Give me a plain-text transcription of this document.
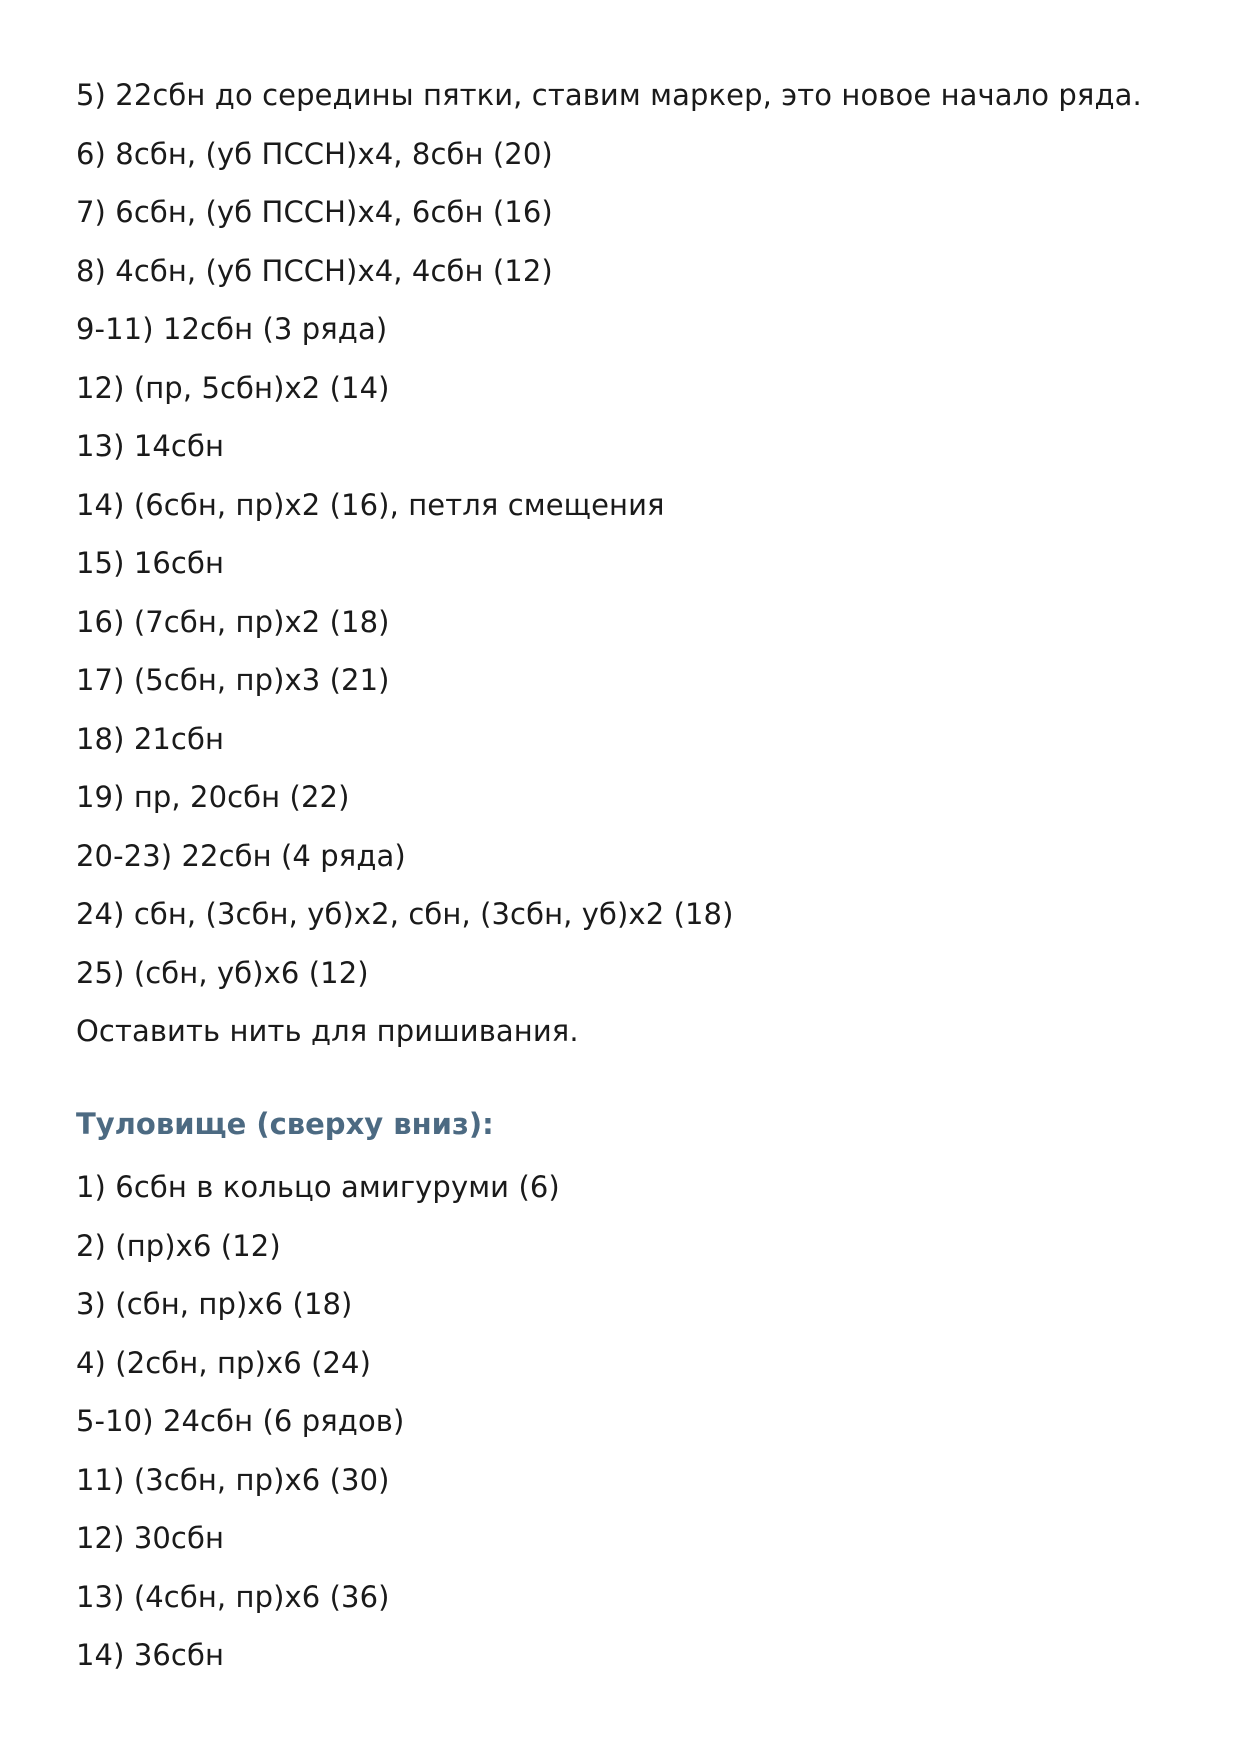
5) 22сбн до середины пятки, ставим маркер, это новое начало ряда.
6) 8сбн, (уб ПССН)х4, 8сбн (20)
7) 6сбн, (уб ПССН)х4, 6сбн (16)
8) 4сбн, (уб ПССН)х4, 4сбн (12)
9-11) 12сбн (3 ряда)
12) (пр, 5сбн)х2 (14)
13) 14сбн
14) (6сбн, пр)х2 (16), петля смещения
15) 16сбн
16) (7сбн, пр)х2 (18)
17) (5сбн, пр)х3 (21)
18) 21сбн
19) пр, 20сбн (22)
20-23) 22сбн (4 ряда)
24) сбн, (3сбн, уб)х2, сбн, (3сбн, уб)х2 (18)
25) (сбн, уб)х6 (12)
Оставить нить для пришивания.
Туловище (сверху вниз):
1) 6сбн в кольцо амигуруми (6)
2) (пр)х6 (12)
3) (сбн, пр)х6 (18)
4) (2сбн, пр)х6 (24)
5-10) 24сбн (6 рядов)
11) (3сбн, пр)х6 (30)
12) 30сбн
13) (4сбн, пр)х6 (36)
14) 36сбн
